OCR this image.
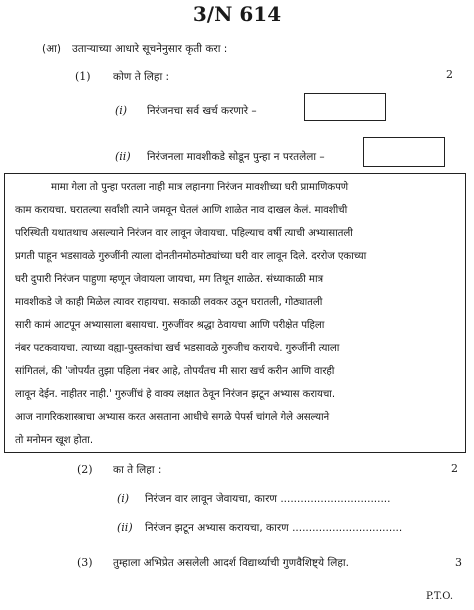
3/N 614
(आ) उताऱ्याच्या आधारे सूचनेनुसार कृती करा :
(1) कोण ते लिहा :	2
(i) निरंजनचा सर्व खर्च करणारे –
(ii) निरंजनला मावशीकडे सोडून पुन्हा न परतलेला –
मामा गेला तो पुन्हा परतला नाही मात्र लहानगा निरंजन मावशीच्या घरी प्रामाणिकपणे
काम करायचा. घरातल्या सर्वांशी त्याने जमवून घेतलं आणि शाळेत नाव दाखल केलं. मावशीची
परिस्थिती यथातथाच असल्याने निरंजन वार लावून जेवायचा. पहिल्याच वर्षी त्याची अभ्यासातली
प्रगती पाहून भडसावळे गुरुजींनी त्याला दोनतीनमोठमोठ्यांच्या घरी वार लावून दिले. दररोज एकाच्या
घरी दुपारी निरंजन पाहुणा म्हणून जेवायला जायचा, मग तिथून शाळेत. संध्याकाळी मात्र
मावशीकडे जे काही मिळेल त्यावर राहायचा. सकाळी लवकर उठून घरातली, गोठ्यातली
सारी कामं आटपून अभ्यासाला बसायचा. गुरुजींवर श्रद्धा ठेवायचा आणि परीक्षेत पहिला
नंबर पटकवायचा. त्याच्या वह्या-पुस्तकांचा खर्च भडसावळे गुरुजीच करायचे. गुरुजींनी त्याला
सांगितलं, की 'जोपर्यंत तुझा पहिला नंबर आहे, तोपर्यंतच मी सारा खर्च करीन आणि वारही
लावून देईन. नाहीतर नाही.' गुरुजींचं हे वाक्य लक्षात ठेवून निरंजन झटून अभ्यास करायचा.
आज नागरिकशास्त्राचा अभ्यास करत असताना आधीचे सगळे पेपर्स चांगले गेले असल्याने
तो मनोमन खूश होता.
(2) का ते लिहा :	2
(i) निरंजन वार लावून जेवायचा, कारण .................................
(ii) निरंजन झटून अभ्यास करायचा, कारण .................................
(3) तुम्हाला अभिप्रेत असलेली आदर्श विद्यार्थ्याची गुणवैशिष्ट्ये लिहा.	3
P.T.O.
